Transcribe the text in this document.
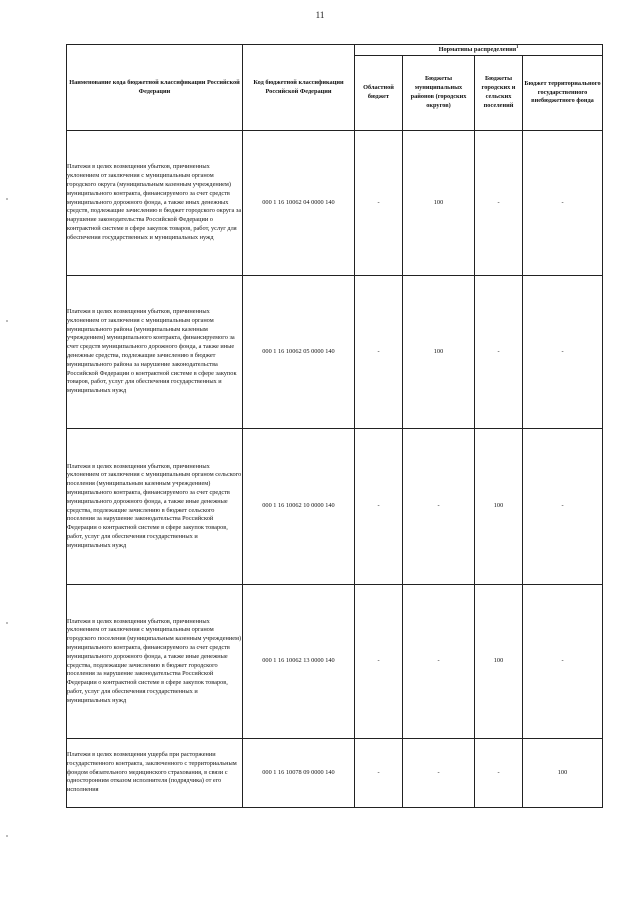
11
Наименование кода бюджетной классификации Российской Федерации	Код бюджетной классификации Российской Федерации	Нормативы распределения$^1$
		Областной бюджет	Бюджеты муниципальных районов (городских округов)	Бюджеты городских и сельских поселений	Бюджет территориального государственного внебюджетного фонда
Платежи в целях возмещения убытков, причиненных уклонением от заключения с муниципальным органом городского округа (муниципальным казенным учреждением) муниципального контракта, финансируемого за счет средств муниципального дорожного фонда, а также иных денежных средств, подлежащие зачислению в бюджет городского округа за нарушение законодательства Российской Федерации о контрактной системе в сфере закупок товаров, работ, услуг для обеспечения государственных и муниципальных нужд	000 1 16 10062 04 0000 140	-	100	-	-
Платежи в целях возмещения убытков, причиненных уклонением от заключения с муниципальным органом муниципального района (муниципальным казенным учреждением) муниципального контракта, финансируемого за счет средств муниципального дорожного фонда, а также иные денежные средства, подлежащие зачислению в бюджет муниципального района за нарушение законодательства Российской Федерации о контрактной системе в сфере закупок товаров, работ, услуг для обеспечения государственных и муниципальных нужд	000 1 16 10062 05 0000 140	-	100	-	-
Платежи в целях возмещения убытков, причиненных уклонением от заключения с муниципальным органом сельского поселения (муниципальным казенным учреждением) муниципального контракта, финансируемого за счет средств муниципального дорожного фонда, а также иные денежные средства, подлежащие зачислению в бюджет сельского поселения за нарушение законодательства Российской Федерации о контрактной системе в сфере закупок товаров, работ, услуг для обеспечения государственных и муниципальных нужд	000 1 16 10062 10 0000 140	-	-	100	-
Платежи в целях возмещения убытков, причиненных уклонением от заключения с муниципальным органом городского поселения (муниципальным казенным учреждением) муниципального контракта, финансируемого за счет средств муниципального дорожного фонда, а также иные денежные средства, подлежащие зачислению в бюджет городского поселения за нарушение законодательства Российской Федерации о контрактной системе в сфере закупок товаров, работ, услуг для обеспечения государственных и муниципальных нужд	000 1 16 10062 13 0000 140	-	-	100	-
Платежи в целях возмещения ущерба при расторжении государственного контракта, заключенного с территориальным фондом обязательного медицинского страхования, в связи с односторонним отказом исполнителя (подрядчика) от его исполнения	000 1 16 10078 09 0000 140	-	-	-	100
